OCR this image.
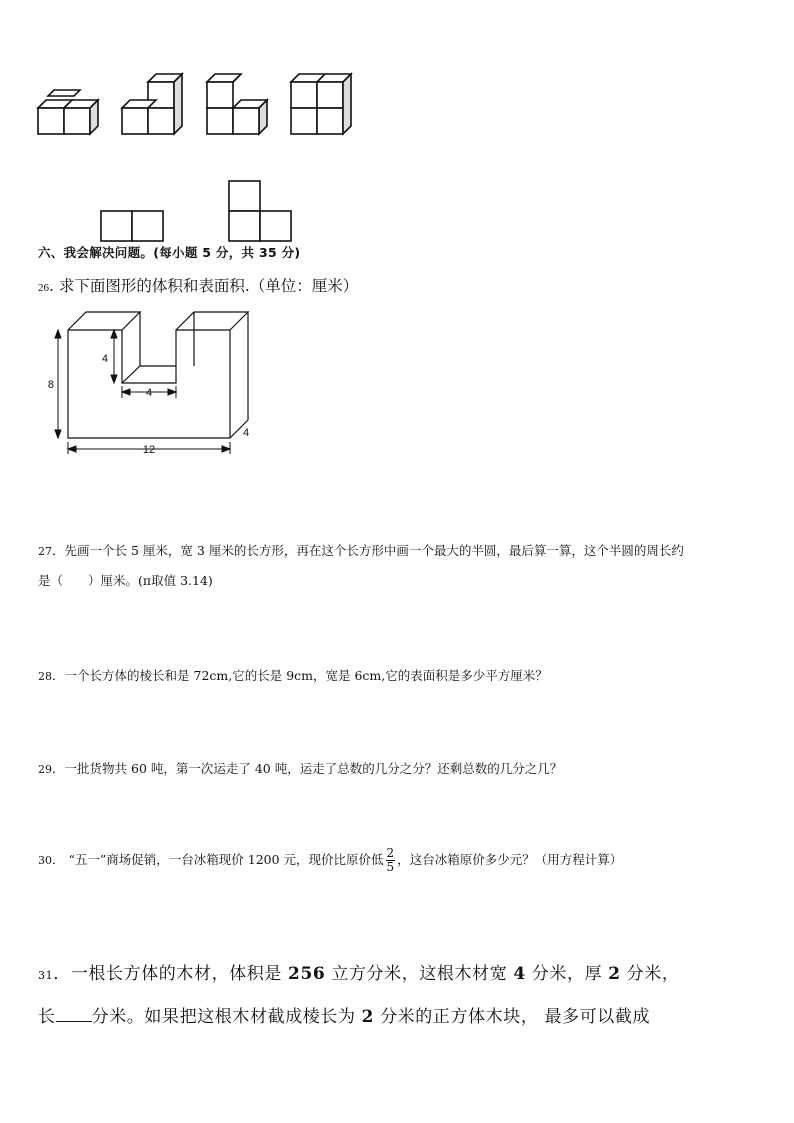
六、我会解决问题。(每小题 5 分，共 35 分)
26. 求下面图形的体积和表面积.（单位：厘米）
8
4
4
12
4
27．先画一个长 5 厘米，宽 3 厘米的长方形，再在这个长方形中画一个最大的半圆，最后算一算，这个半圆的周长约
是（　　）厘米。(π取值 3.14)
28．一个长方体的棱长和是 72cm,它的长是 9cm，宽是 6cm,它的表面积是多少平方厘米？
29．一批货物共 60 吨，第一次运走了 40 吨，运走了总数的几分之分？还剩总数的几分之几？
30． “五一”商场促销，一台冰箱现价 1200 元，现价比原价低 $\frac{2}{5}$ ，这台冰箱原价多少元？（用方程计算）
31．一根长方体的木材，体积是 256 立方分米，这根木材宽 4 分米，厚 2 分米，
长 分米。如果把这根木材截成棱长为 2 分米的正方体木块， 最多可以截成
